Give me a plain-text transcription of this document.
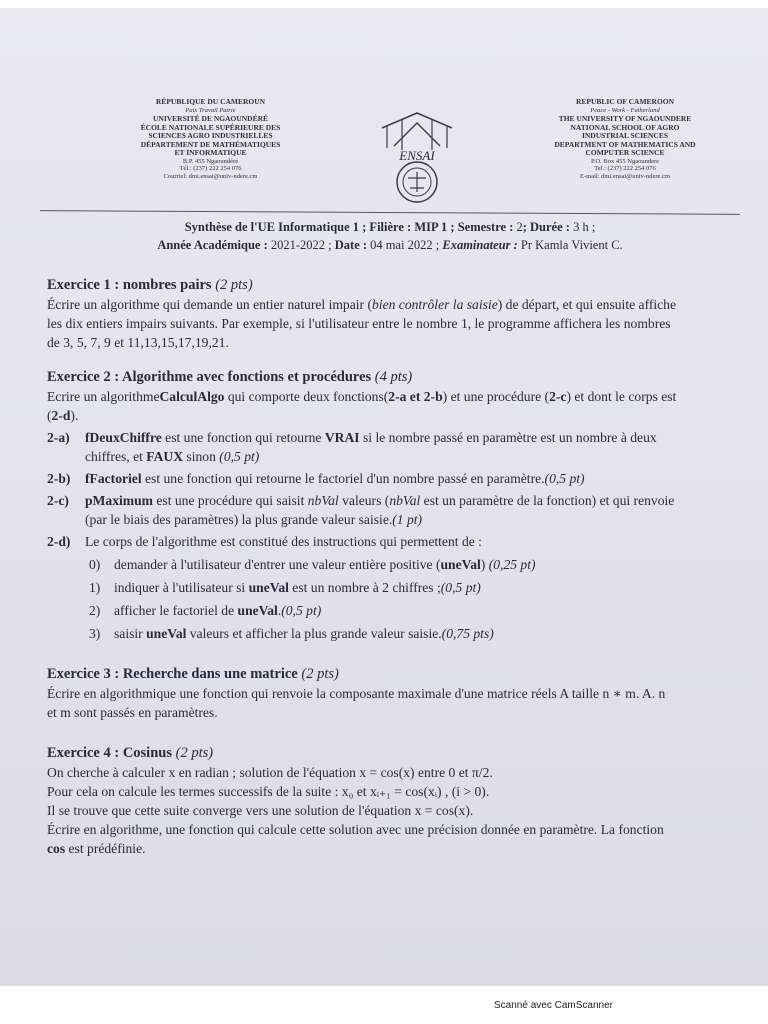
RÉPUBLIQUE DU CAMEROUN
Paix Travail Patrie
UNIVERSITÉ DE NGAOUNDÉRÉ
ÉCOLE NATIONALE SUPÉRIEURE DES
SCIENCES AGRO INDUSTRIELLES
DÉPARTEMENT DE MATHÉMATIQUES
ET INFORMATIQUE
B.P. 455 Ngaoundéré
Tél.: (237) 222 254 076
Courriel: dmi.ensai@univ-ndere.cm
ENSAI
REPUBLIC OF CAMEROON
Peace - Work - Fatherland
THE UNIVERSITY OF NGAOUNDERE
NATIONAL SCHOOL OF AGRO
INDUSTRIAL SCIENCES
DEPARTMENT OF MATHEMATICS AND
COMPUTER SCIENCE
P.O. Box 455 Ngaoundere
Tel.: (237) 222 254 076
E-mail: dmi.ensai@univ-ndere.cm
Synthèse de l'UE Informatique 1 ; Filière : MIP 1 ; Semestre : 2; Durée : 3 h ;
Année Académique : 2021-2022 ; Date : 04 mai 2022 ; Examinateur : Pr Kamla Vivient C.
Exercice 1 : nombres pairs (2 pts)

Écrire un algorithme qui demande un entier naturel impair (bien contrôler la saisie) de départ, et qui ensuite affiche les dix entiers impairs suivants. Par exemple, si l'utilisateur entre le nombre 1, le programme affichera les nombres de 3, 5, 7, 9 et 11,13,15,17,19,21.

Exercice 2 : Algorithme avec fonctions et procédures (4 pts)

Ecrire un algorithmeCalculAlgo qui comporte deux fonctions(2-a et 2-b) et une procédure (2-c) et dont le corps est (2-d).

2-a)	fDeuxChiffre est une fonction qui retourne VRAI si le nombre passé en paramètre est un nombre à deux chiffres, et FAUX sinon (0,5 pt)
2-b)	fFactoriel est une fonction qui retourne le factoriel d'un nombre passé en paramètre.(0,5 pt)
2-c)	pMaximum est une procédure qui saisit nbVal valeurs (nbVal est un paramètre de la fonction) et qui renvoie (par le biais des paramètres) la plus grande valeur saisie.(1 pt)
2-d)	Le corps de l'algorithme est constitué des instructions qui permettent de :
0)	demander à l'utilisateur d'entrer une valeur entière positive (uneVal) (0,25 pt)
1)	indiquer à l'utilisateur si uneVal est un nombre à 2 chiffres ;(0,5 pt)
2)	afficher le factoriel de uneVal.(0,5 pt)
3)	saisir uneVal valeurs et afficher la plus grande valeur saisie.(0,75 pts)
Exercice 3 : Recherche dans une matrice (2 pts)

Écrire en algorithmique une fonction qui renvoie la composante maximale d'une matrice réels A taille n ∗ m. A. n et m sont passés en paramètres.

Exercice 4 : Cosinus (2 pts)

On cherche à calculer x en radian ; solution de l'équation x = cos(x) entre 0 et π/2.

Pour cela on calcule les termes successifs de la suite : x₀ et xᵢ₊₁ = cos(xᵢ) , (i > 0).

Il se trouve que cette suite converge vers une solution de l'équation x = cos(x).

Écrire en algorithme, une fonction qui calcule cette solution avec une précision donnée en paramètre. La fonction cos est prédéfinie.

Scanné avec CamScanner
